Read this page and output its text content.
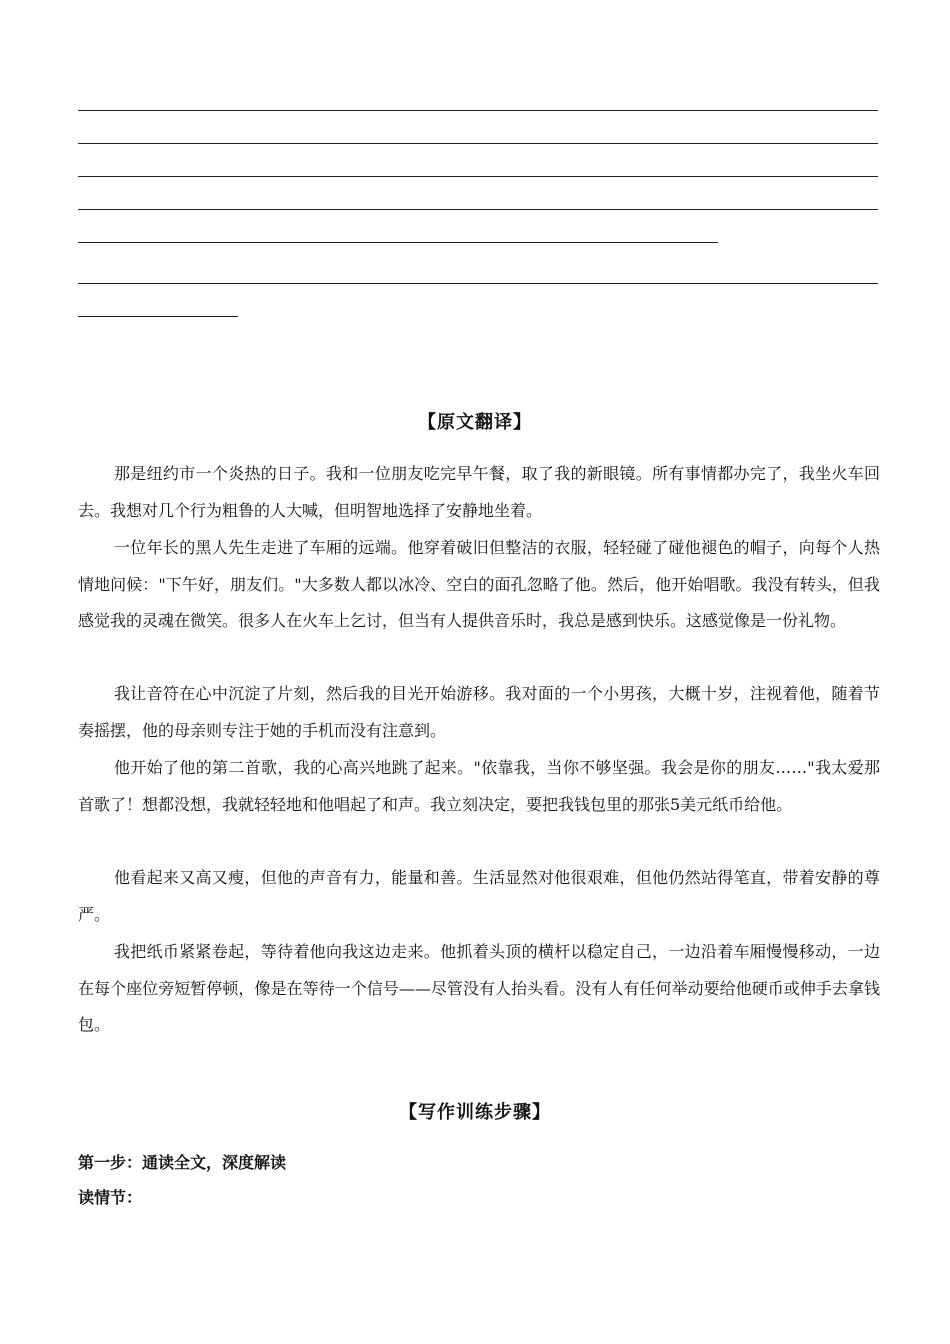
【原文翻译】

那是纽约市一个炎热的日子。我和一位朋友吃完早午餐，取了我的新眼镜。所有事情都办完了，我坐火车回去。我想对几个行为粗鲁的人大喊，但明智地选择了安静地坐着。

一位年长的黑人先生走进了车厢的远端。他穿着破旧但整洁的衣服，轻轻碰了碰他褪色的帽子，向每个人热情地问候："下午好，朋友们。"大多数人都以冰冷、空白的面孔忽略了他。然后，他开始唱歌。我没有转头，但我感觉我的灵魂在微笑。很多人在火车上乞讨，但当有人提供音乐时，我总是感到快乐。这感觉像是一份礼物。

我让音符在心中沉淀了片刻，然后我的目光开始游移。我对面的一个小男孩，大概十岁，注视着他，随着节奏摇摆，他的母亲则专注于她的手机而没有注意到。

他开始了他的第二首歌，我的心高兴地跳了起来。"依靠我，当你不够坚强。我会是你的朋友……"我太爱那首歌了！想都没想，我就轻轻地和他唱起了和声。我立刻决定，要把我钱包里的那张5美元纸币给他。

他看起来又高又瘦，但他的声音有力，能量和善。生活显然对他很艰难，但他仍然站得笔直，带着安静的尊严。

我把纸币紧紧卷起，等待着他向我这边走来。他抓着头顶的横杆以稳定自己，一边沿着车厢慢慢移动，一边在每个座位旁短暂停顿，像是在等待一个信号——尽管没有人抬头看。没有人有任何举动要给他硬币或伸手去拿钱包。

【写作训练步骤】

第一步：通读全文，深度解读

读情节：
